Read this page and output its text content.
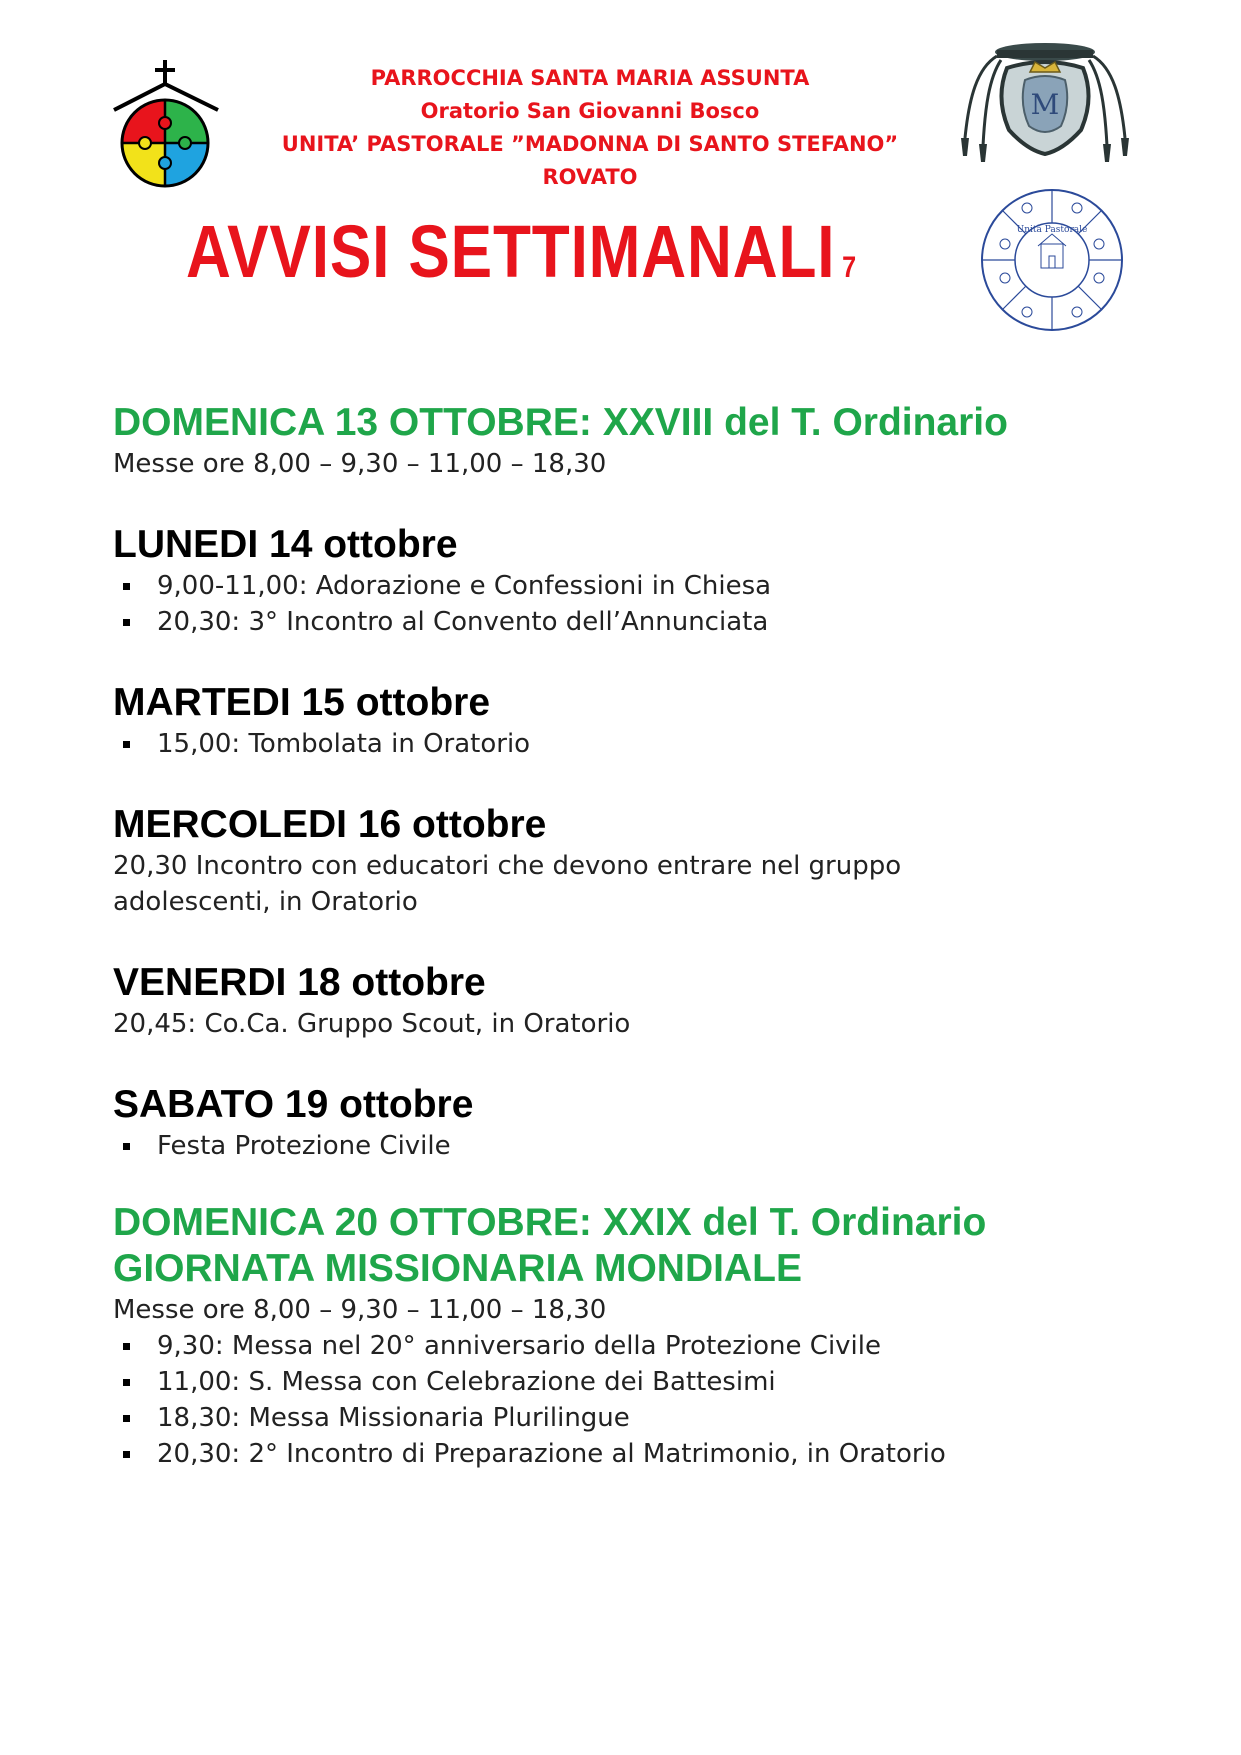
PARROCCHIA SANTA MARIA ASSUNTA
Oratorio San Giovanni Bosco
UNITA’ PASTORALE ”MADONNA DI SANTO STEFANO”
ROVATO
M
Unità Pastorale
AVVISI SETTIMANALI 7
DOMENICA 13 OTTOBRE: XXVIII del T. Ordinario
Messe ore 8,00 – 9,30 – 11,00 – 18,30
LUNEDI 14 ottobre
9,00-11,00: Adorazione e Confessioni in Chiesa
20,30: 3° Incontro al Convento dell’Annunciata
MARTEDI 15 ottobre
15,00: Tombolata in Oratorio
MERCOLEDI 16 ottobre
20,30 Incontro con educatori che devono entrare nel gruppo
adolescenti, in Oratorio
VENERDI 18 ottobre
20,45: Co.Ca. Gruppo Scout, in Oratorio
SABATO 19 ottobre
Festa Protezione Civile
DOMENICA 20 OTTOBRE: XXIX del T. Ordinario
GIORNATA MISSIONARIA MONDIALE
Messe ore 8,00 – 9,30 – 11,00 – 18,30
9,30: Messa nel 20° anniversario della Protezione Civile
11,00: S. Messa con Celebrazione dei Battesimi
18,30: Messa Missionaria Plurilingue
20,30: 2° Incontro di Preparazione al Matrimonio, in Oratorio
